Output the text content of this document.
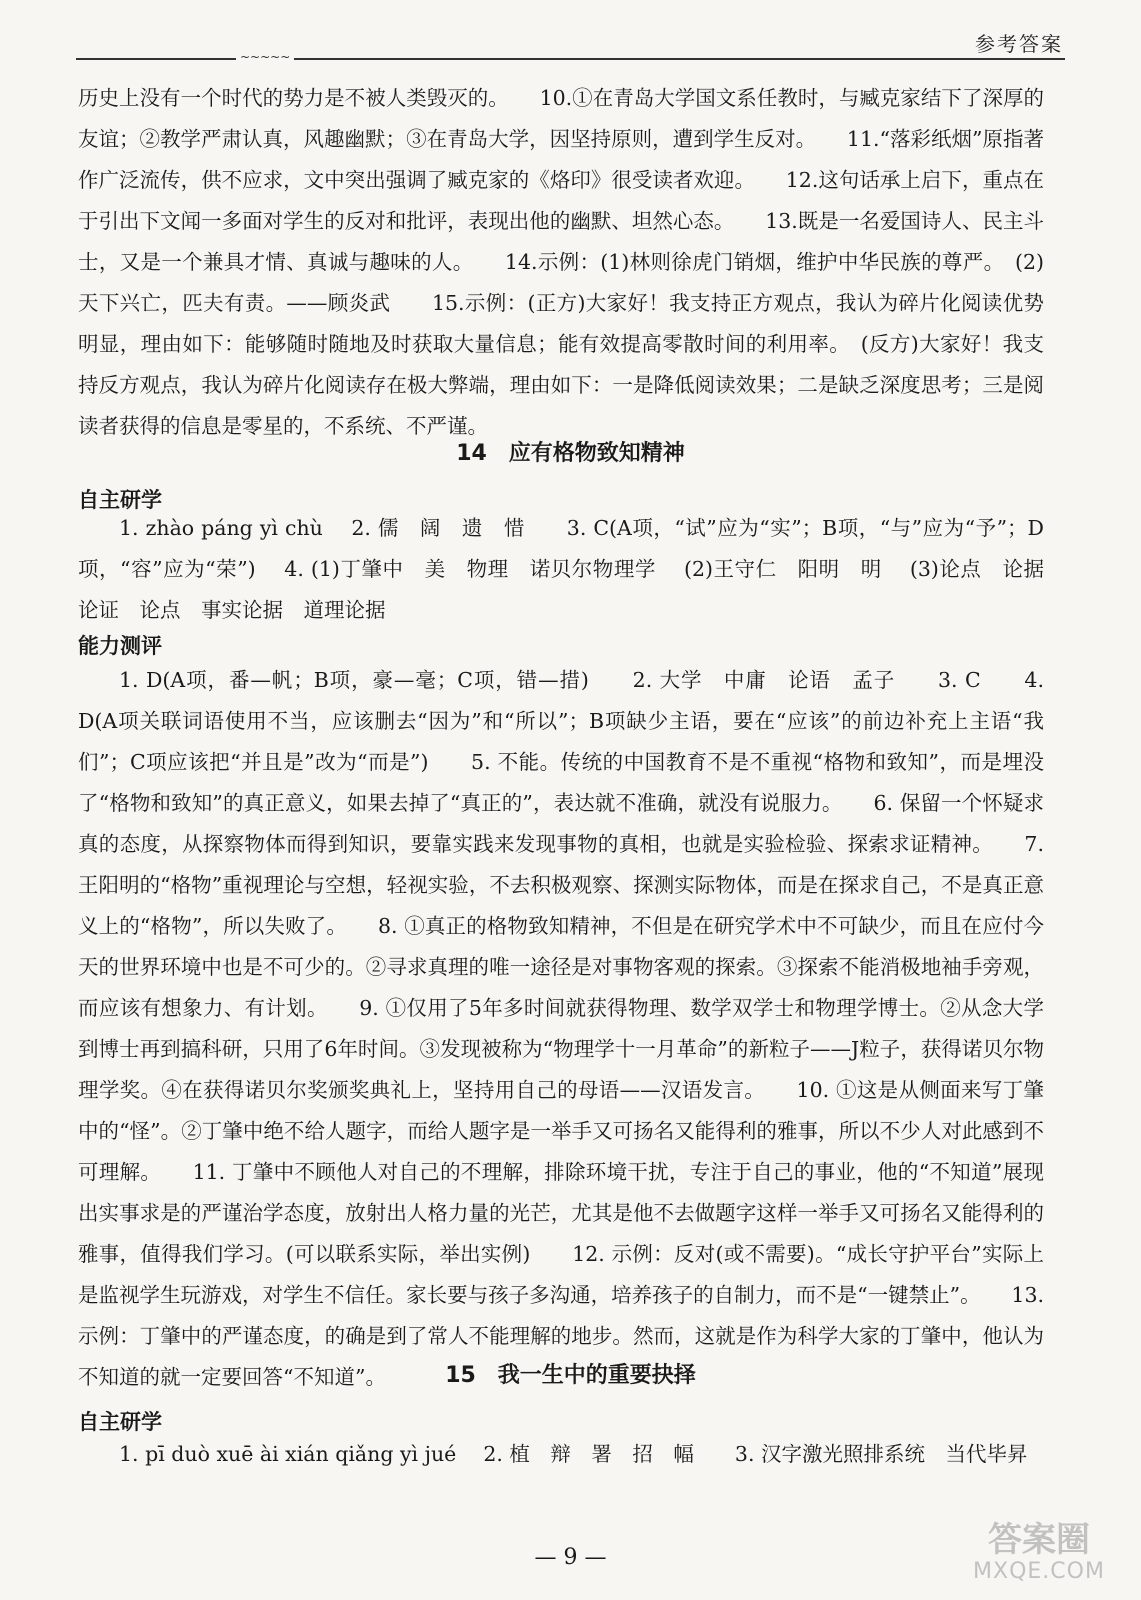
~~~~~
参考答案

历史上没有一个时代的势力是不被人类毁灭的。　　10.①在青岛大学国文系任教时，与臧克家结下了深厚的友谊；②教学严肃认真，风趣幽默；③在青岛大学，因坚持原则，遭到学生反对。　　11.“落彩纸烟”原指著作广泛流传，供不应求，文中突出强调了臧克家的《烙印》很受读者欢迎。　　12.这句话承上启下，重点在于引出下文闻一多面对学生的反对和批评，表现出他的幽默、坦然心态。　　13.既是一名爱国诗人、民主斗士，又是一个兼具才情、真诚与趣味的人。　　14.示例：(1)林则徐虎门销烟，维护中华民族的尊严。　(2)天下兴亡，匹夫有责。——顾炎武　　15.示例：(正方)大家好！我支持正方观点，我认为碎片化阅读优势明显，理由如下：能够随时随地及时获取大量信息；能有效提高零散时间的利用率。　(反方)大家好！我支持反方观点，我认为碎片化阅读存在极大弊端，理由如下：一是降低阅读效果；二是缺乏深度思考；三是阅读者获得的信息是零星的，不系统、不严谨。

14　应有格物致知精神
自主研学

1. zhào páng yì chù　 2. 儒　阔　遗　惜　　3. C(A项，“试”应为“实”；B项，“与”应为“予”；D项，“容”应为“荣”)　 4. (1)丁肇中　美　物理　诺贝尔物理学　 (2)王守仁　阳明　明　 (3)论点　论据　论证　论点　事实论据　道理论据

能力测评

1. D(A项，番—帆；B项，豪—毫；C项，错—措)　　2. 大学　中庸　论语　孟子　　3. C　　4. D(A项关联词语使用不当，应该删去“因为”和“所以”；B项缺少主语，要在“应该”的前边补充上主语“我们”；C项应该把“并且是”改为“而是”)　　5. 不能。传统的中国教育不是不重视“格物和致知”，而是埋没了“格物和致知”的真正意义，如果去掉了“真正的”，表达就不准确，就没有说服力。　　6. 保留一个怀疑求真的态度，从探察物体而得到知识，要靠实践来发现事物的真相，也就是实验检验、探索求证精神。　　7. 王阳明的“格物”重视理论与空想，轻视实验，不去积极观察、探测实际物体，而是在探求自己，不是真正意义上的“格物”，所以失败了。　　8. ①真正的格物致知精神，不但是在研究学术中不可缺少，而且在应付今天的世界环境中也是不可少的。②寻求真理的唯一途径是对事物客观的探索。③探索不能消极地袖手旁观，而应该有想象力、有计划。　　9. ①仅用了5年多时间就获得物理、数学双学士和物理学博士。②从念大学到博士再到搞科研，只用了6年时间。③发现被称为“物理学十一月革命”的新粒子——J粒子，获得诺贝尔物理学奖。④在获得诺贝尔奖颁奖典礼上，坚持用自己的母语——汉语发言。　　10. ①这是从侧面来写丁肇中的“怪”。②丁肇中绝不给人题字，而给人题字是一举手又可扬名又能得利的雅事，所以不少人对此感到不可理解。　　11. 丁肇中不顾他人对自己的不理解，排除环境干扰，专注于自己的事业，他的“不知道”展现出实事求是的严谨治学态度，放射出人格力量的光芒，尤其是他不去做题字这样一举手又可扬名又能得利的雅事，值得我们学习。(可以联系实际，举出实例)　　12. 示例：反对(或不需要)。“成长守护平台”实际上是监视学生玩游戏，对学生不信任。家长要与孩子多沟通，培养孩子的自制力，而不是“一键禁止”。　　13. 示例：丁肇中的严谨态度，的确是到了常人不能理解的地步。然而，这就是作为科学大家的丁肇中，他认为不知道的就一定要回答“不知道”。	15　我一生中的重要抉择
自主研学

1. pī duò xuē ài xián qiǎng yì jué　 2. 植　辩　署　招　幅　　3. 汉字激光照排系统　当代毕昇

— 9 —	答案圈
MXQE.COM
